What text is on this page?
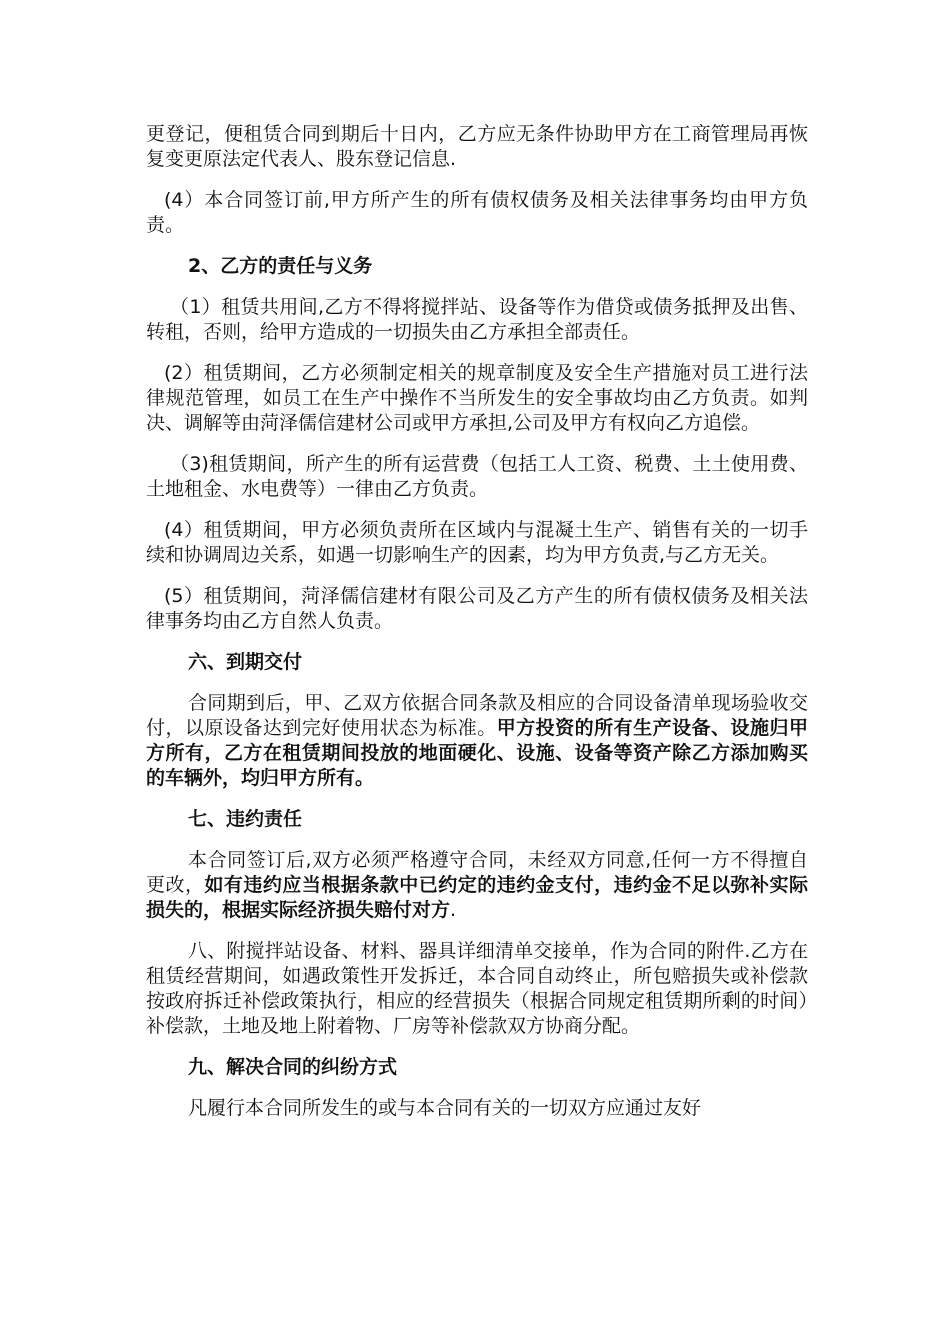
更登记，便租赁合同到期后十日内，乙方应无条件协助甲方在工商管理局再恢复变更原法定代表人、股东登记信息.

(4）本合同签订前,甲方所产生的所有债权债务及相关法律事务均由甲方负责。

2、乙方的责任与义务

（1）租赁共用间,乙方不得将搅拌站、设备等作为借贷或债务抵押及出售、转租，否则，给甲方造成的一切损失由乙方承担全部责任。

(2）租赁期间，乙方必须制定相关的规章制度及安全生产措施对员工进行法律规范管理，如员工在生产中操作不当所发生的安全事故均由乙方负责。如判决、调解等由菏泽儒信建材公司或甲方承担,公司及甲方有权向乙方追偿。

（3)租赁期间，所产生的所有运营费（包括工人工资、税费、土土使用费、土地租金、水电费等）一律由乙方负责。

(4）租赁期间，甲方必须负责所在区域内与混凝土生产、销售有关的一切手续和协调周边关系，如遇一切影响生产的因素，均为甲方负责,与乙方无关。

(5）租赁期间，菏泽儒信建材有限公司及乙方产生的所有债权债务及相关法律事务均由乙方自然人负责。

六、到期交付

合同期到后，甲、乙双方依据合同条款及相应的合同设备清单现场验收交付，以原设备达到完好使用状态为标准。甲方投资的所有生产设备、设施归甲方所有，乙方在租赁期间投放的地面硬化、设施、设备等资产除乙方添加购买的车辆外，均归甲方所有。

七、违约责任

本合同签订后,双方必须严格遵守合同，未经双方同意,任何一方不得擅自更改，如有违约应当根据条款中已约定的违约金支付，违约金不足以弥补实际损失的，根据实际经济损失赔付对方.

八、附搅拌站设备、材料、器具详细清单交接单，作为合同的附件.乙方在租赁经营期间，如遇政策性开发拆迁，本合同自动终止，所包赔损失或补偿款按政府拆迁补偿政策执行，相应的经营损失（根据合同规定租赁期所剩的时间）补偿款，土地及地上附着物、厂房等补偿款双方协商分配。

九、解决合同的纠纷方式

凡履行本合同所发生的或与本合同有关的一切双方应通过友好
